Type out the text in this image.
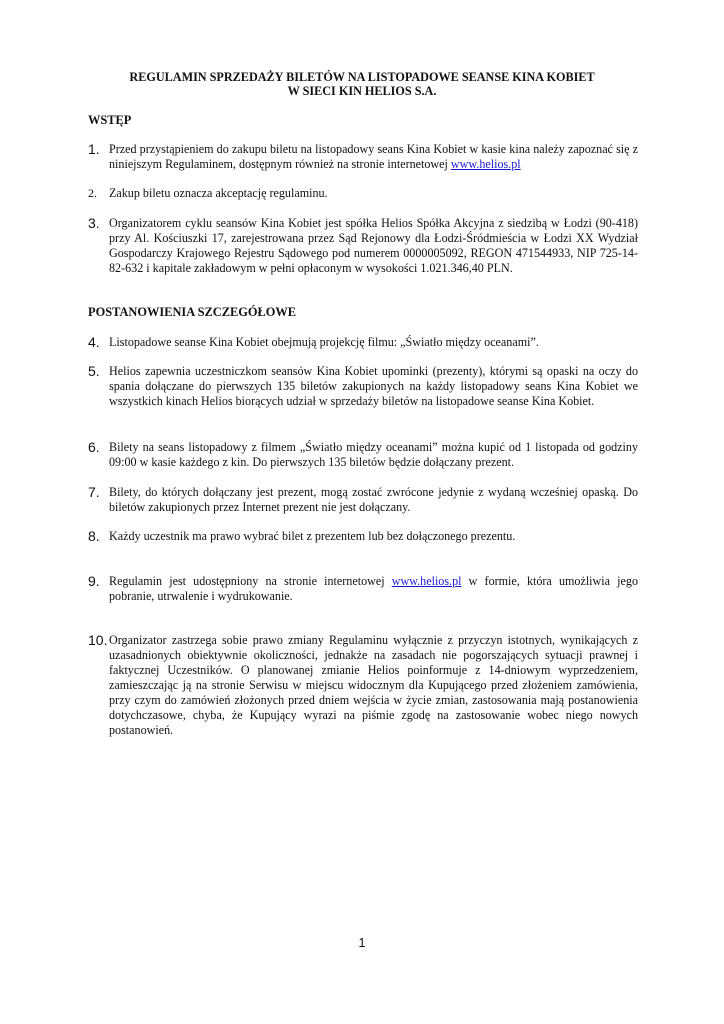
REGULAMIN SPRZEDAŻY BILETÓW NA LISTOPADOWE SEANSE KINA KOBIET
W SIECI KIN HELIOS S.A.
WSTĘP
1. Przed przystąpieniem do zakupu biletu na listopadowy seans Kina Kobiet w kasie kina należy zapoznać się z niniejszym Regulaminem, dostępnym również na stronie internetowej www.helios.pl
2. Zakup biletu oznacza akceptację regulaminu.
3. Organizatorem cyklu seansów Kina Kobiet jest spółka Helios Spółka Akcyjna z siedzibą w Łodzi (90-418) przy Al. Kościuszki 17, zarejestrowana przez Sąd Rejonowy dla Łodzi-Śródmieścia w Łodzi XX Wydział Gospodarczy Krajowego Rejestru Sądowego pod numerem 0000005092, REGON 471544933, NIP 725-14-82-632 i kapitale zakładowym w pełni opłaconym w wysokości 1.021.346,40 PLN.
POSTANOWIENIA SZCZEGÓŁOWE
4. Listopadowe seanse Kina Kobiet obejmują projekcję filmu: „Światło między oceanami”.
5. Helios zapewnia uczestniczkom seansów Kina Kobiet upominki (prezenty), którymi są opaski na oczy do spania dołączane do pierwszych 135 biletów zakupionych na każdy listopadowy seans Kina Kobiet we wszystkich kinach Helios biorących udział w sprzedaży biletów na listopadowe seanse Kina Kobiet.
6. Bilety na seans listopadowy z filmem „Światło między oceanami” można kupić od 1 listopada od godziny 09:00 w kasie każdego z kin. Do pierwszych 135 biletów będzie dołączany prezent.
7. Bilety, do których dołączany jest prezent, mogą zostać zwrócone jedynie z wydaną wcześniej opaską. Do biletów zakupionych przez Internet prezent nie jest dołączany.
8. Każdy uczestnik ma prawo wybrać bilet z prezentem lub bez dołączonego prezentu.
9. Regulamin jest udostępniony na stronie internetowej www.helios.pl w formie, która umożliwia jego pobranie, utrwalenie i wydrukowanie.
10. Organizator zastrzega sobie prawo zmiany Regulaminu wyłącznie z przyczyn istotnych, wynikających z uzasadnionych obiektywnie okoliczności, jednakże na zasadach nie pogorszających sytuacji prawnej i faktycznej Uczestników. O planowanej zmianie Helios poinformuje z 14-dniowym wyprzedzeniem, zamieszczając ją na stronie Serwisu w miejscu widocznym dla Kupującego przed złożeniem zamówienia, przy czym do zamówień złożonych przed dniem wejścia w życie zmian, zastosowania mają postanowienia dotychczasowe, chyba, że Kupujący wyrazi na piśmie zgodę na zastosowanie wobec niego nowych postanowień.
1
